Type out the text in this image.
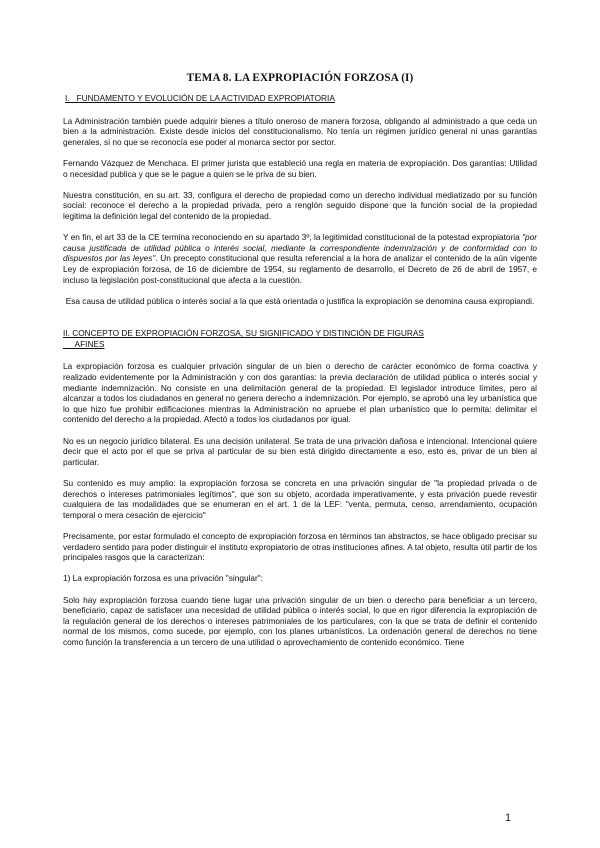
TEMA 8. LA EXPROPIACIÓN FORZOSA (I)
I.   FUNDAMENTO Y EVOLUCIÓN DE LA ACTIVIDAD EXPROPIATORIA

La Administración también puede adquirir bienes a título oneroso de manera forzosa, obligando al administrado a que ceda un bien a la administración. Existe desde inicios del constitucionalismo. No tenía un régimen jurídico general ni unas garantías generales, si no que se reconocía ese poder al monarca sector por sector.

Fernando Vázquez de Menchaca. El primer jurista que estableció una regla en materia de expropiación. Dos garantías: Utilidad o necesidad publica y que se le pague a quien se le priva de su bien.

Nuestra constitución, en su art. 33, configura el derecho de propiedad como un derecho individual mediatizado por su función social: reconoce el derecho a la propiedad privada, pero a renglón seguido dispone que la función social de la propiedad legitima la definición legal del contenido de la propiedad.

Y en fin, el art 33 de la CE termina reconociendo en su apartado 3º, la legitimidad constitucional de la potestad expropiatoria "por causa justificada de utilidad pública o interés social, mediante la correspondiente indemnización y de conformidad con lo dispuestos por las leyes". Un precepto constitucional que resulta referencial a la hora de analizar el contenido de la aún vigente Ley de expropiación forzosa, de 16 de diciembre de 1954, su reglamento de desarrollo, el Decreto de 26 de abril de 1957, e incluso la legislación post-constitucional que afecta a la cuestión.

Esa causa de utilidad pública o interés social a la que está orientada o justifica la expropiación se denomina causa expropiandi.

II. CONCEPTO DE EXPROPIACIÓN FORZOSA, SU SIGNIFICADO Y DISTINCIÓN DE FIGURAS
AFINES

La expropiación forzosa es cualquier privación singular de un bien o derecho de carácter económico de forma coactiva y realizado evidentemente por la Administración y con dos garantías: la previa declaración de utilidad pública o interés social y mediante indemnización. No consiste en una delimitación general de la propiedad. El legislador introduce límites, pero al alcanzar a todos los ciudadanos en general no genera derecho a indemnización. Por ejemplo, se aprobó una ley urbanística que lo que hizo fue prohibir edificaciones mientras la Administración no apruebe el plan urbanístico que lo permita: delimitar el contenido del derecho a la propiedad. Afectó a todos los ciudadanos por igual.

No es un negocio jurídico bilateral. Es una decisión unilateral. Se trata de una privación dañosa e intencional. Intencional quiere decir que el acto por el que se priva al particular de su bien está dirigido directamente a eso, esto es, privar de un bien al particular.

Su contenido es muy amplio: la expropiación forzosa se concreta en una privación singular de "la propiedad privada o de derechos o intereses patrimoniales legítimos", que son su objeto, acordada imperativamente, y esta privación puede revestir cualquiera de las modalidades que se enumeran en el art. 1 de la LEF: "venta, permuta, censo, arrendamiento, ocupación temporal o mera cesación de ejercicio"

Precisamente, por estar formulado el concepto de expropiación forzosa en términos tan abstractos, se hace obligado precisar su verdadero sentido para poder distinguir el instituto expropiatorio de otras instituciones afines. A tal objeto, resulta útil partir de los principales rasgos que la caracterizan:

1) La expropiación forzosa es una privación "singular":

Solo hay expropiación forzosa cuando tiene lugar una privación singular de un bien o derecho para beneficiar a un tercero, beneficiario, capaz de satisfacer una necesidad de utilidad pública o interés social, lo que en rigor diferencia la expropiación de la regulación general de los derechos o intereses patrimoniales de los particulares, con la que se trata de definir el contenido normal de los mismos, como sucede, por ejemplo, con los planes urbanísticos. La ordenación general de derechos no tiene como función la transferencia a un tercero de una utilidad o aprovechamiento de contenido económico. Tiene

1
